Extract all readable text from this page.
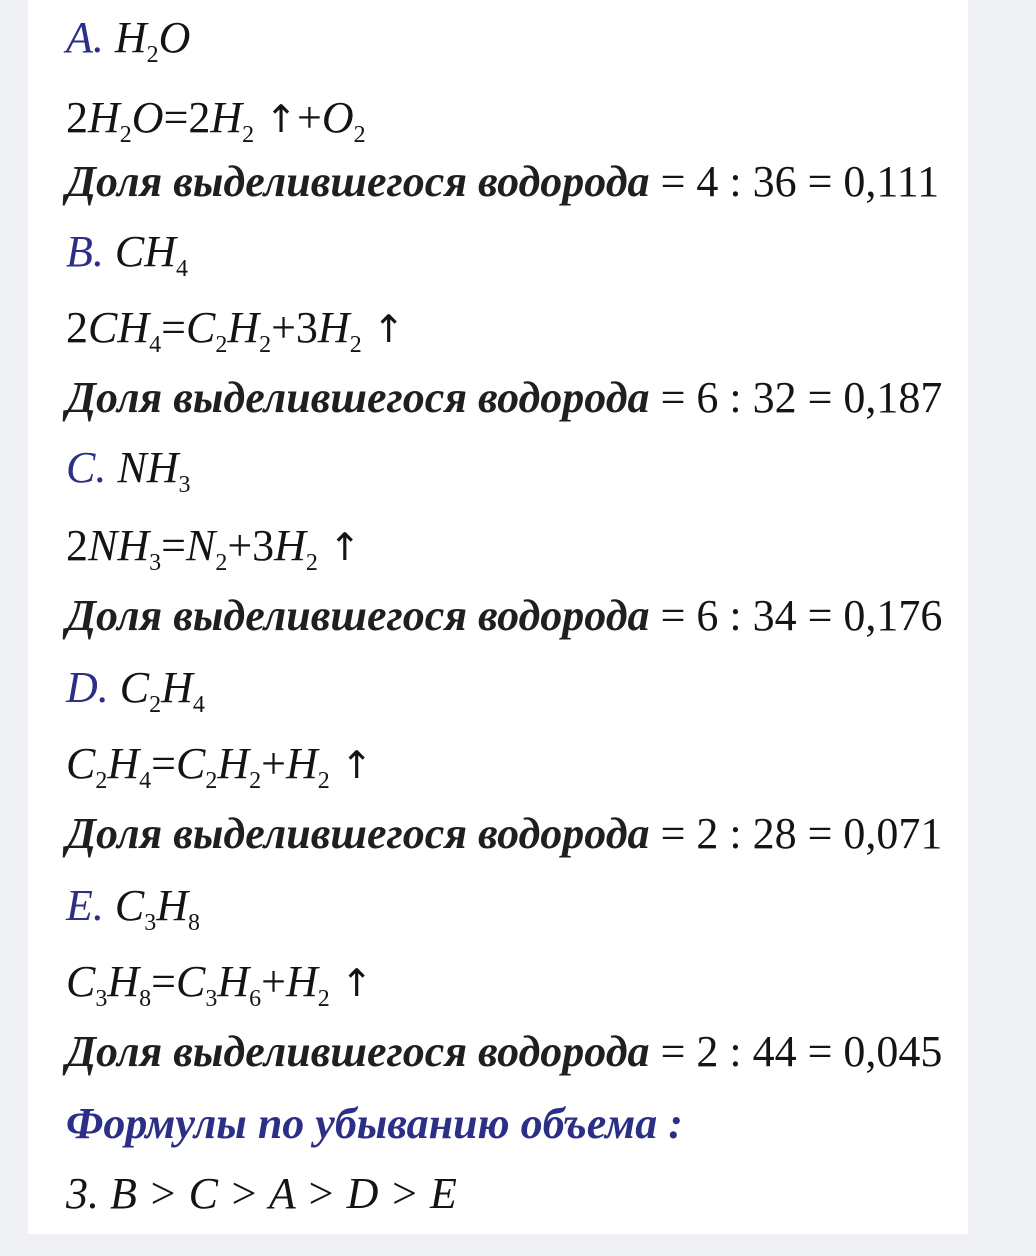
A. $H_2O$
$2H_2O=2H_2$ $↑+O_2$
Доля выделившегося водорода = 4 : 36 = 0,111
B. $CH_4$
$2CH_4=C_2H_2+3H_2$ ↑
Доля выделившегося водорода = 6 : 32 = 0,187
C. $NH_3$
$2NH_3=N_2+3H_2$ ↑
Доля выделившегося водорода = 6 : 34 = 0,176
D. $C_2H_4$
$C_2H_4=C_2H_2+H_2$ ↑
Доля выделившегося водорода = 2 : 28 = 0,071
E. $C_3H_8$
$C_3H_8=C_3H_6+H_2$ ↑
Доля выделившегося водорода = 2 : 44 = 0,045
Формулы по убыванию объема :
3. B > C > A > D > E
